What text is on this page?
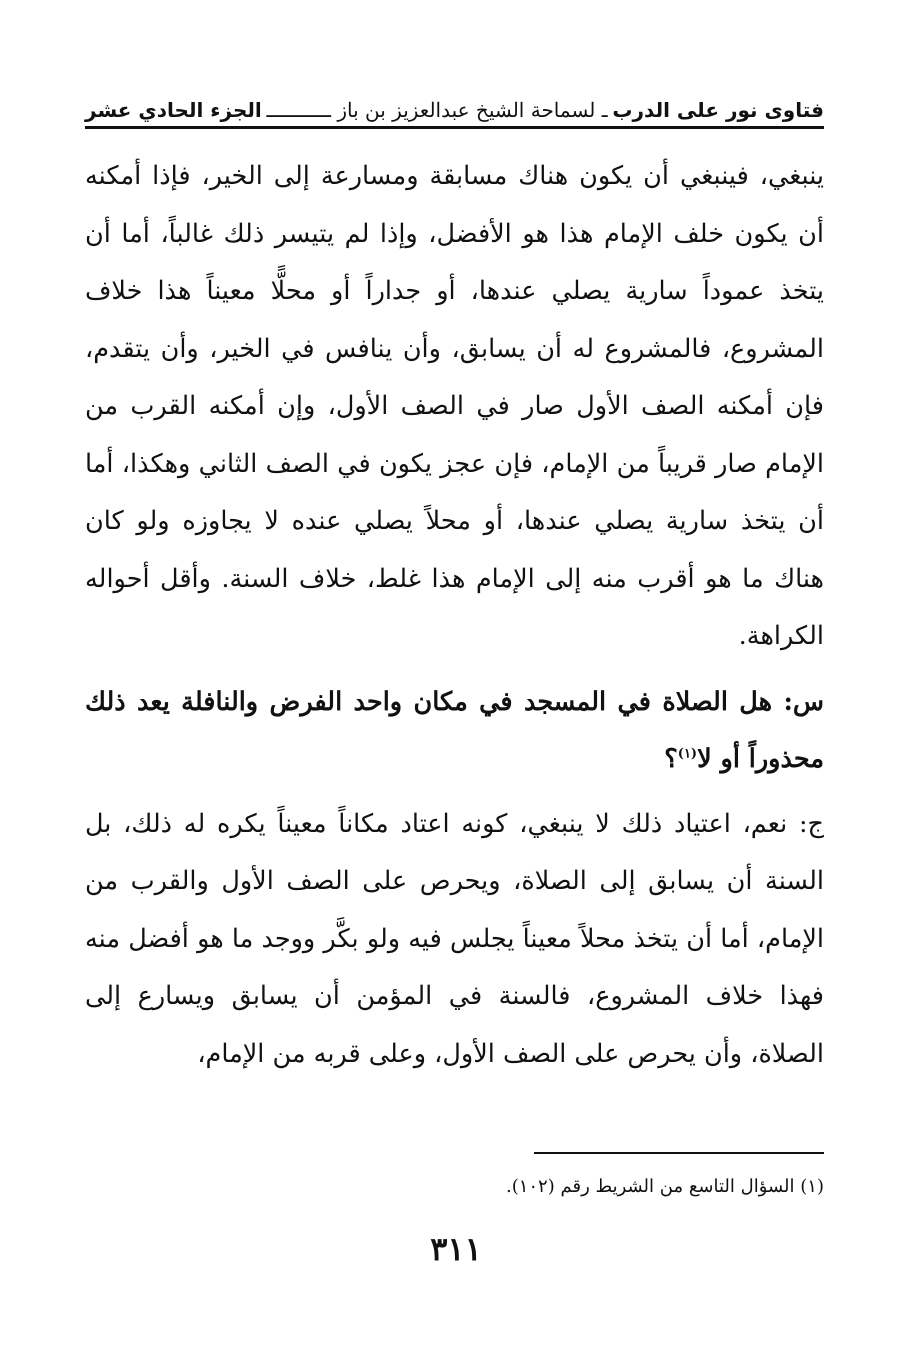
فتاوى نور على الدرب
ـ لسماحة الشيخ عبدالعزيز بن باز ـــــــــــ
الجزء الحادي عشر

ينبغي، فينبغي أن يكون هناك مسابقة ومسارعة إلى الخير، فإذا أمكنه أن يكون خلف الإمام هذا هو الأفضل، وإذا لم يتيسر ذلك غالباً، أما أن يتخذ عموداً سارية يصلي عندها، أو جداراً أو محلًّا معيناً هذا خلاف المشروع، فالمشروع له أن يسابق، وأن ينافس في الخير، وأن يتقدم، فإن أمكنه الصف الأول صار في الصف الأول، وإن أمكنه القرب من الإمام صار قريباً من الإمام، فإن عجز يكون في الصف الثاني وهكذا، أما أن يتخذ سارية يصلي عندها، أو محلاً يصلي عنده لا يجاوزه ولو كان هناك ما هو أقرب منه إلى الإمام هذا غلط، خلاف السنة. وأقل أحواله الكراهة.

س: هل الصلاة في المسجد في مكان واحد الفرض والنافلة يعد ذلك محذوراً أو لا$^{(١)}$؟

ج: نعم، اعتياد ذلك لا ينبغي، كونه اعتاد مكاناً معيناً يكره له ذلك، بل السنة أن يسابق إلى الصلاة، ويحرص على الصف الأول والقرب من الإمام، أما أن يتخذ محلاً معيناً يجلس فيه ولو بكَّر ووجد ما هو أفضل منه فهذا خلاف المشروع، فالسنة في المؤمن أن يسابق ويسارع إلى الصلاة، وأن يحرص على الصف الأول، وعلى قربه من الإمام،

(١) السؤال التاسع من الشريط رقم (١٠٢).
٣١١
